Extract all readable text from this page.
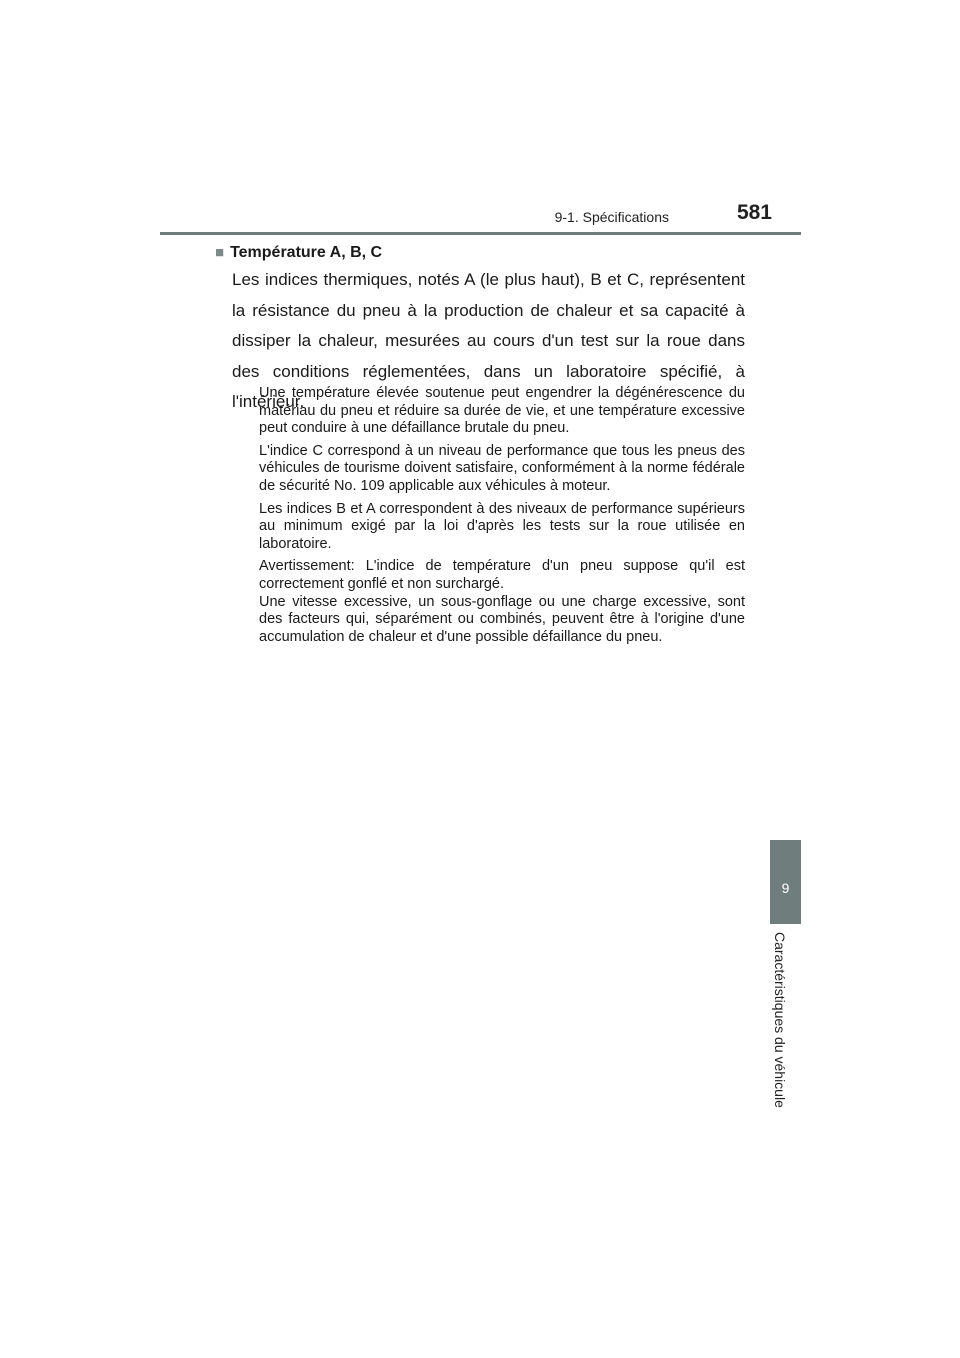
9-1. Spécifications	581
9
Caractéristiques du véhicule
■ Température A, B, C

Les indices thermiques, notés A (le plus haut), B et C, représentent la résistance du pneu à la production de chaleur et sa capacité à dissiper la chaleur, mesurées au cours d'un test sur la roue dans des conditions réglementées, dans un laboratoire spécifié, à l'intérieur.

Une température élevée soutenue peut engendrer la dégénérescence du matériau du pneu et réduire sa durée de vie, et une température excessive peut conduire à une défaillance brutale du pneu.

L'indice C correspond à un niveau de performance que tous les pneus des véhicules de tourisme doivent satisfaire, conformément à la norme fédérale de sécurité No. 109 applicable aux véhicules à moteur.

Les indices B et A correspondent à des niveaux de performance supérieurs au minimum exigé par la loi d'après les tests sur la roue utilisée en laboratoire.

Avertissement: L'indice de température d'un pneu suppose qu'il est correctement gonflé et non surchargé.

Une vitesse excessive, un sous-gonflage ou une charge excessive, sont des facteurs qui, séparément ou combinés, peuvent être à l'origine d'une accumulation de chaleur et d'une possible défaillance du pneu.
